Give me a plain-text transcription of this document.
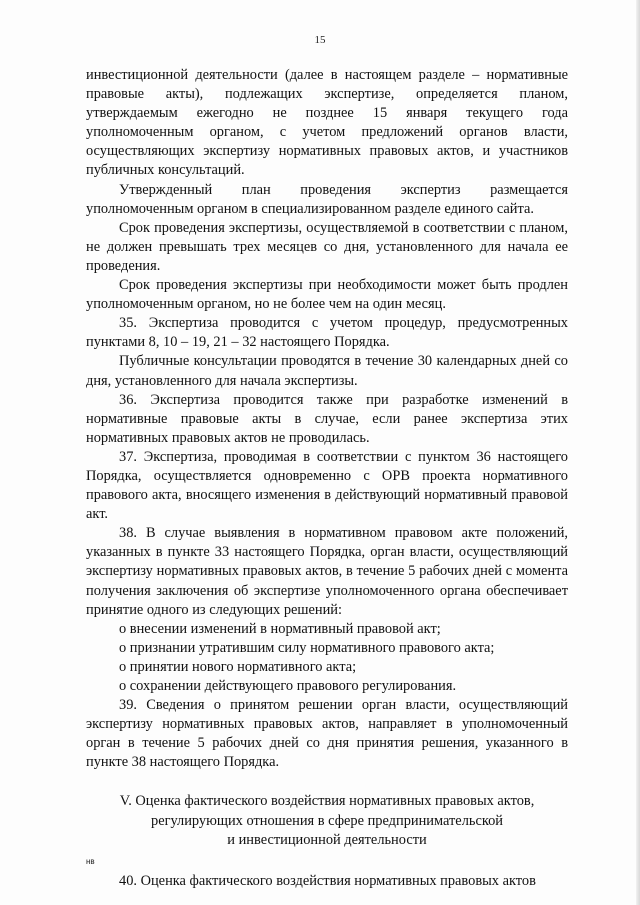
15

инвестиционной деятельности (далее в настоящем разделе – нормативные правовые акты), подлежащих экспертизе, определяется планом, утверждаемым ежегодно не позднее 15 января текущего года уполномоченным органом, с учетом предложений органов власти, осуществляющих экспертизу нормативных правовых актов, и участников публичных консультаций.

Утвержденный план проведения экспертиз размещается уполномоченным органом в специализированном разделе единого сайта.

Срок проведения экспертизы, осуществляемой в соответствии с планом, не должен превышать трех месяцев со дня, установленного для начала ее проведения.

Срок проведения экспертизы при необходимости может быть продлен уполномоченным органом, но не более чем на один месяц.

35. Экспертиза проводится с учетом процедур, предусмотренных пунктами 8, 10 – 19, 21 – 32 настоящего Порядка.

Публичные консультации проводятся в течение 30 календарных дней со дня, установленного для начала экспертизы.

36. Экспертиза проводится также при разработке изменений в нормативные правовые акты в случае, если ранее экспертиза этих нормативных правовых актов не проводилась.

37. Экспертиза, проводимая в соответствии с пунктом 36 настоящего Порядка, осуществляется одновременно с ОРВ проекта нормативного правового акта, вносящего изменения в действующий нормативный правовой акт.

38. В случае выявления в нормативном правовом акте положений, указанных в пункте 33 настоящего Порядка, орган власти, осуществляющий экспертизу нормативных правовых актов, в течение 5 рабочих дней с момента получения заключения об экспертизе уполномоченного органа обеспечивает принятие одного из следующих решений:

о внесении изменений в нормативный правовой акт;

о признании утратившим силу нормативного правового акта;

о принятии нового нормативного акта;

о сохранении действующего правового регулирования.

39. Сведения о принятом решении орган власти, осуществляющий экспертизу нормативных правовых актов, направляет в уполномоченный орган в течение 5 рабочих дней со дня принятия решения, указанного в пункте 38 настоящего Порядка.

V. Оценка фактического воздействия нормативных правовых актов,
регулирующих отношения в сфере предпринимательской
и инвестиционной деятельности

40. Оценка фактического воздействия нормативных правовых актов

нв
